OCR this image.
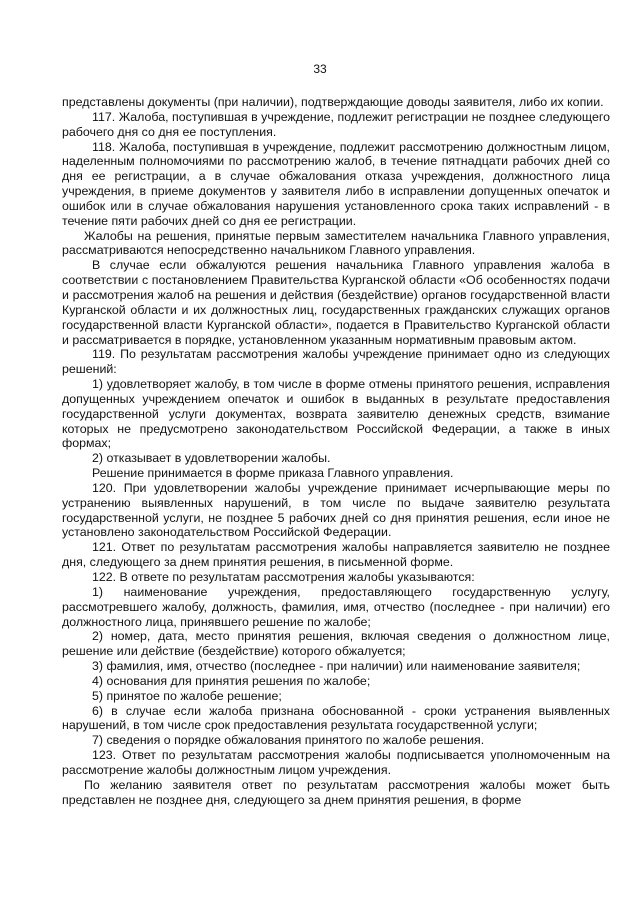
33

представлены документы (при наличии), подтверждающие доводы заявителя, либо их копии.

117. Жалоба, поступившая в учреждение, подлежит регистрации не позднее следующего рабочего дня со дня ее поступления.

118. Жалоба, поступившая в учреждение, подлежит рассмотрению должностным лицом, наделенным полномочиями по рассмотрению жалоб, в течение пятнадцати рабочих дней со дня ее регистрации, а в случае обжалования отказа учреждения, должностного лица учреждения, в приеме документов у заявителя либо в исправлении допущенных опечаток и ошибок или в случае обжалования нарушения установленного срока таких исправлений - в течение пяти рабочих дней со дня ее регистрации.

Жалобы на решения, принятые первым заместителем начальника Главного управления, рассматриваются непосредственно начальником Главного управления.

В случае если обжалуются решения начальника Главного управления жалоба в соответствии с постановлением Правительства Курганской области «Об особенностях подачи и рассмотрения жалоб на решения и действия (бездействие) органов государственной власти Курганской области и их должностных лиц, государственных гражданских служащих органов государственной власти Курганской области», подается в Правительство Курганской области и рассматривается в порядке, установленном указанным нормативным правовым актом.

119. По результатам рассмотрения жалобы учреждение принимает одно из следующих решений:

1) удовлетворяет жалобу, в том числе в форме отмены принятого решения, исправления допущенных учреждением опечаток и ошибок в выданных в результате предоставления государственной услуги документах, возврата заявителю денежных средств, взимание которых не предусмотрено законодательством Российской Федерации, а также в иных формах;

2) отказывает в удовлетворении жалобы.

Решение принимается в форме приказа Главного управления.

120. При удовлетворении жалобы учреждение принимает исчерпывающие меры по устранению выявленных нарушений, в том числе по выдаче заявителю результата государственной услуги, не позднее 5 рабочих дней со дня принятия решения, если иное не установлено законодательством Российской Федерации.

121. Ответ по результатам рассмотрения жалобы направляется заявителю не позднее дня, следующего за днем принятия решения, в письменной форме.

122. В ответе по результатам рассмотрения жалобы указываются:

1) наименование учреждения, предоставляющего государственную услугу, рассмотревшего жалобу, должность, фамилия, имя, отчество (последнее - при наличии) его должностного лица, принявшего решение по жалобе;

2) номер, дата, место принятия решения, включая сведения о должностном лице, решение или действие (бездействие) которого обжалуется;

3) фамилия, имя, отчество (последнее - при наличии) или наименование заявителя;

4) основания для принятия решения по жалобе;

5) принятое по жалобе решение;

6) в случае если жалоба признана обоснованной - сроки устранения выявленных нарушений, в том числе срок предоставления результата государственной услуги;

7) сведения о порядке обжалования принятого по жалобе решения.

123. Ответ по результатам рассмотрения жалобы подписывается уполномоченным на рассмотрение жалобы должностным лицом учреждения.

По желанию заявителя ответ по результатам рассмотрения жалобы может быть представлен не позднее дня, следующего за днем принятия решения, в форме
